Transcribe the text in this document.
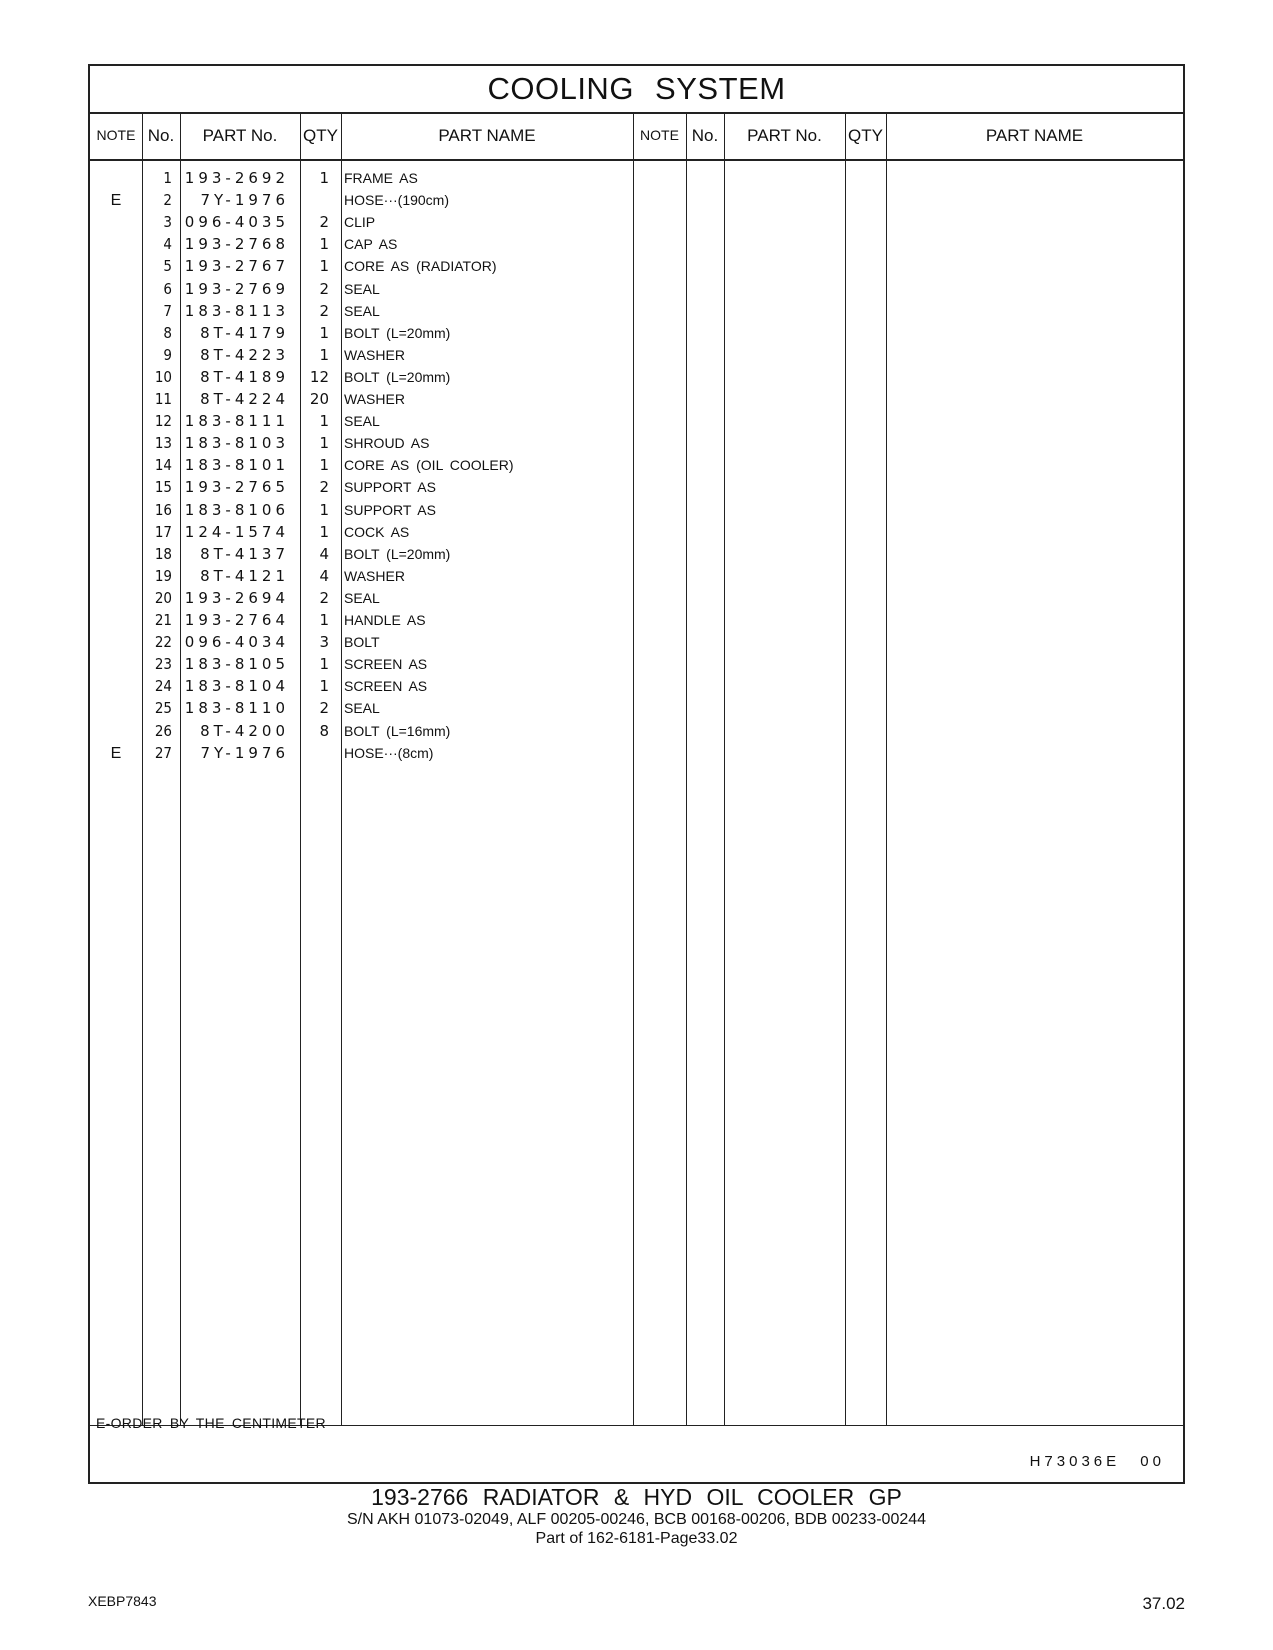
COOLING SYSTEM
NOTE No.	PART No.	QTY	PART NAME	NOTE No.	PART No.	QTY	PART NAME
1 193-2692	1 FRAME AS
E	2	7Y-1976	HOSE···(190cm)
3 096-4035	2 CLIP
4 193-2768	1 CAP AS
5 193-2767	1 CORE AS (RADIATOR)
6 193-2769	2 SEAL
7 183-8113	2 SEAL
8	8T-4179	1 BOLT (L=20mm)
9	8T-4223	1 WASHER
10	8T-4189	12 BOLT (L=20mm)
11	8T-4224	20 WASHER
12 183-8111	1 SEAL
13 183-8103	1 SHROUD AS
14 183-8101	1 CORE AS (OIL COOLER)
15 193-2765	2 SUPPORT AS
16 183-8106	1 SUPPORT AS
17 124-1574	1 COCK AS
18	8T-4137	4 BOLT (L=20mm)
19	8T-4121	4 WASHER
20 193-2694	2 SEAL
21 193-2764	1 HANDLE AS
22 096-4034	3 BOLT
23 183-8105	1 SCREEN AS
24 183-8104	1 SCREEN AS
25 183-8110	2 SEAL
26	8T-4200	8 BOLT (L=16mm)
E	27	7Y-1976	HOSE···(8cm)
E-ORDER BY THE CENTIMETER
H73036E 00
193-2766 RADIATOR & HYD OIL COOLER GP
S/N AKH 01073-02049, ALF 00205-00246, BCB 00168-00206, BDB 00233-00244
Part of 162-6181-Page33.02
XEBP7843	37.02
